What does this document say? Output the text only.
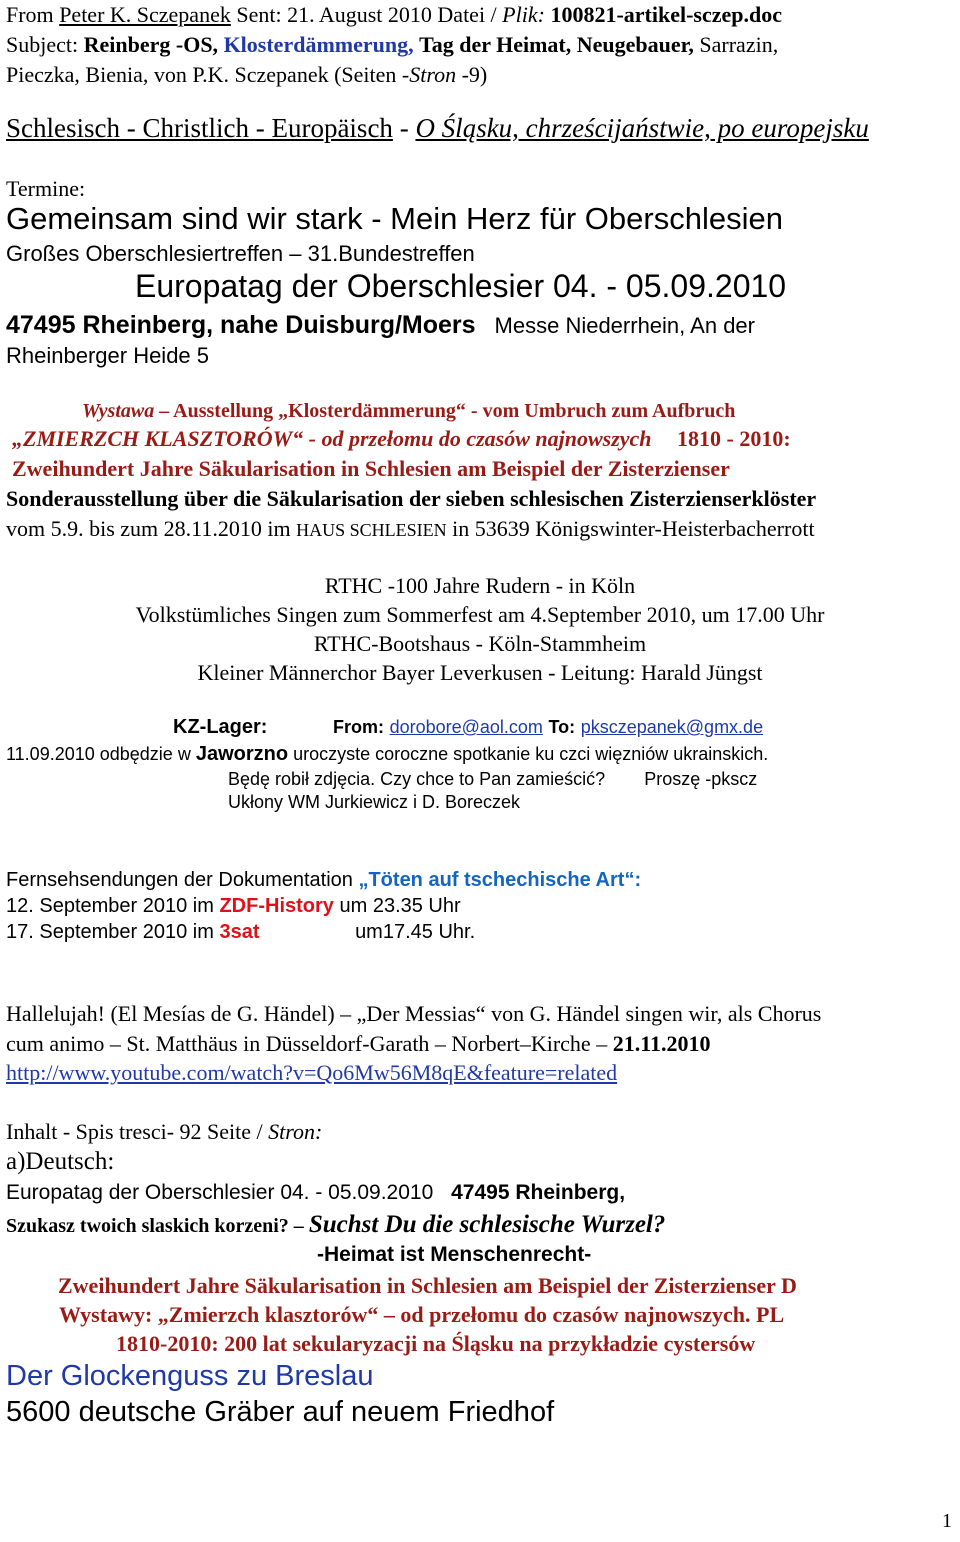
From Peter K. Sczepanek Sent: 21. August 2010 Datei / Plik: 100821-artikel-sczep.doc
Subject: Reinberg -OS, Klosterdämmerung, Tag der Heimat, Neugebauer, Sarrazin,
Pieczka, Bienia, von P.K. Sczepanek (Seiten -Stron -9)
Schlesisch - Christlich - Europäisch - O Śląsku, chrześcijaństwie, po europejsku
Termine:
Gemeinsam sind wir stark - Mein Herz für Oberschlesien
Großes Oberschlesiertreffen – 31.Bundestreffen
Europatag der Oberschlesier 04. - 05.09.2010
47495 Rheinberg, nahe Duisburg/Moers Messe Niederrhein, An der
Rheinberger Heide 5
Wystawa – Ausstellung „Klosterdämmerung“ - vom Umbruch zum Aufbruch
„ZMIERZCH KLASZTORÓW“ - od przełomu do czasów najnowszych 1810 - 2010:
Zweihundert Jahre Säkularisation in Schlesien am Beispiel der Zisterzienser
Sonderausstellung über die Säkularisation der sieben schlesischen Zisterzienserklöster
vom 5.9. bis zum 28.11.2010 im HAUS SCHLESIEN in 53639 Königswinter-Heisterbacherrott
RTHC -100 Jahre Rudern - in Köln
Volkstümliches Singen zum Sommerfest am 4.September 2010, um 17.00 Uhr
RTHC-Bootshaus - Köln-Stammheim
Kleiner Männerchor Bayer Leverkusen - Leitung: Harald Jüngst
KZ-Lager:	From: dorobore@aol.com To: pksczepanek@gmx.de
11.09.2010 odbędzie w Jaworzno uroczyste coroczne spotkanie ku czci więzniów ukrainskich.
Będę robił zdjęcia. Czy chce to Pan zamieścić? Proszę -pkscz
Ukłony WM Jurkiewicz i D. Boreczek
Fernsehsendungen der Dokumentation „Töten auf tschechische Art“:
12. September 2010 im ZDF-History um 23.35 Uhr
17. September 2010 im 3sat	um17.45 Uhr.
Hallelujah! (El Mesías de G. Händel) – „Der Messias“ von G. Händel singen wir, als Chorus
cum animo – St. Matthäus in Düsseldorf-Garath – Norbert–Kirche – 21.11.2010
http://www.youtube.com/watch?v=Qo6Mw56M8qE&feature=related
Inhalt - Spis tresci- 92 Seite / Stron:
a)Deutsch:
Europatag der Oberschlesier 04. - 05.09.2010 47495 Rheinberg,
Szukasz twoich slaskich korzeni? – Suchst Du die schlesische Wurzel?
-Heimat ist Menschenrecht-
Zweihundert Jahre Säkularisation in Schlesien am Beispiel der Zisterzienser D
Wystawy: „Zmierzch klasztorów“ – od przełomu do czasów najnowszych. PL
1810-2010: 200 lat sekularyzacji na Śląsku na przykładzie cystersów
Der Glockenguss zu Breslau
5600 deutsche Gräber auf neuem Friedhof
1
